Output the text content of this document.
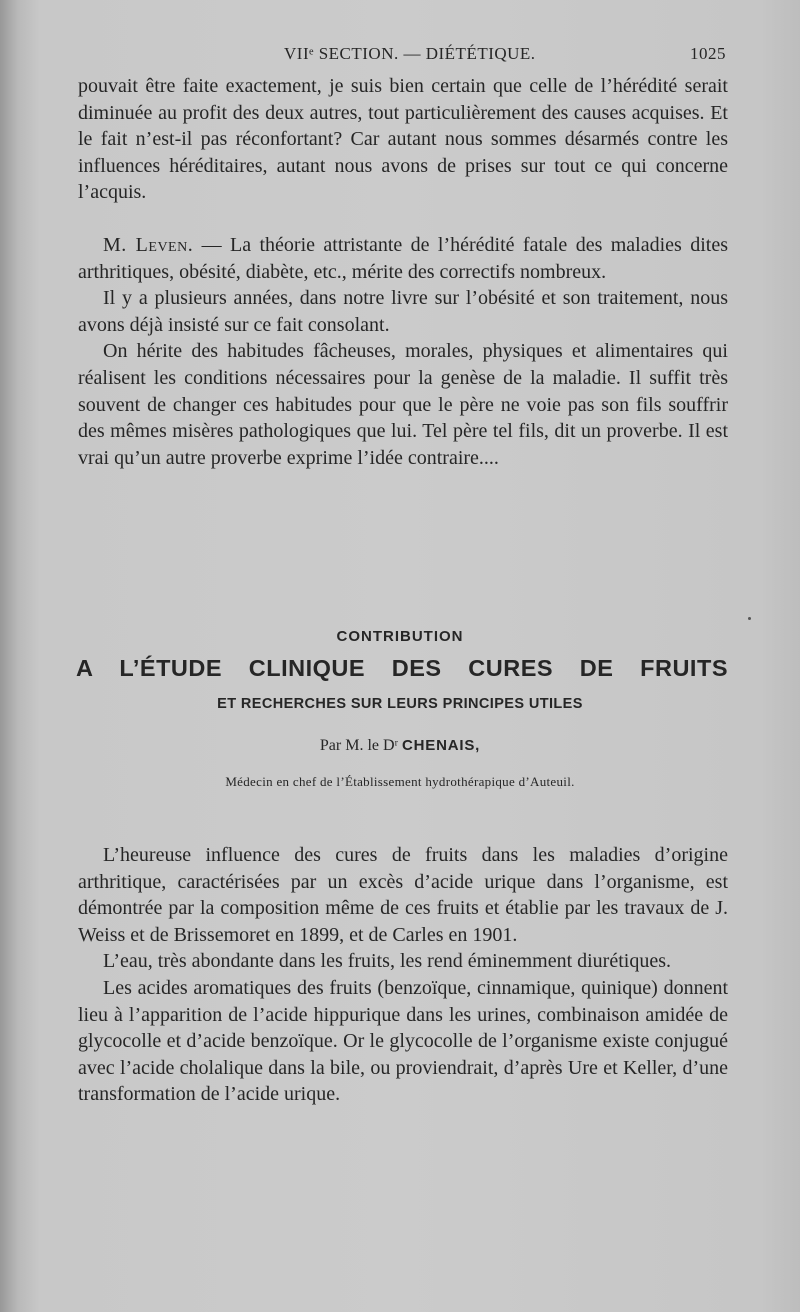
VIIᵉ SECTION. — DIÉTÉTIQUE.	1025

pouvait être faite exactement, je suis bien certain que celle de l’hérédité serait diminuée au profit des deux autres, tout particulièrement des causes acquises. Et le fait n’est-il pas réconfortant? Car autant nous sommes désarmés contre les influences héréditaires, autant nous avons de prises sur tout ce qui concerne l’acquis.

M. Leven. — La théorie attristante de l’hérédité fatale des maladies dites arthritiques, obésité, diabète, etc., mérite des correctifs nombreux.

Il y a plusieurs années, dans notre livre sur l’obésité et son traitement, nous avons déjà insisté sur ce fait consolant.

On hérite des habitudes fâcheuses, morales, physiques et alimentaires qui réalisent les conditions nécessaires pour la genèse de la maladie. Il suffit très souvent de changer ces habitudes pour que le père ne voie pas son fils souffrir des mêmes misères pathologiques que lui. Tel père tel fils, dit un proverbe. Il est vrai qu’un autre proverbe exprime l’idée contraire....

CONTRIBUTION
A L’ÉTUDE CLINIQUE DES CURES DE FRUITS
ET RECHERCHES SUR LEURS PRINCIPES UTILES
Par M. le Dʳ CHENAIS,
Médecin en chef de l’Établissement hydrothérapique d’Auteuil.

L’heureuse influence des cures de fruits dans les maladies d’origine arthritique, caractérisées par un excès d’acide urique dans l’organisme, est démontrée par la composition même de ces fruits et établie par les travaux de J. Weiss et de Brissemoret en 1899, et de Carles en 1901.

L’eau, très abondante dans les fruits, les rend éminemment diurétiques.

Les acides aromatiques des fruits (benzoïque, cinnamique, quinique) donnent lieu à l’apparition de l’acide hippurique dans les urines, combinaison amidée de glycocolle et d’acide benzoïque. Or le glycocolle de l’organisme existe conjugué avec l’acide cholalique dans la bile, ou proviendrait, d’après Ure et Keller, d’une transformation de l’acide urique.
